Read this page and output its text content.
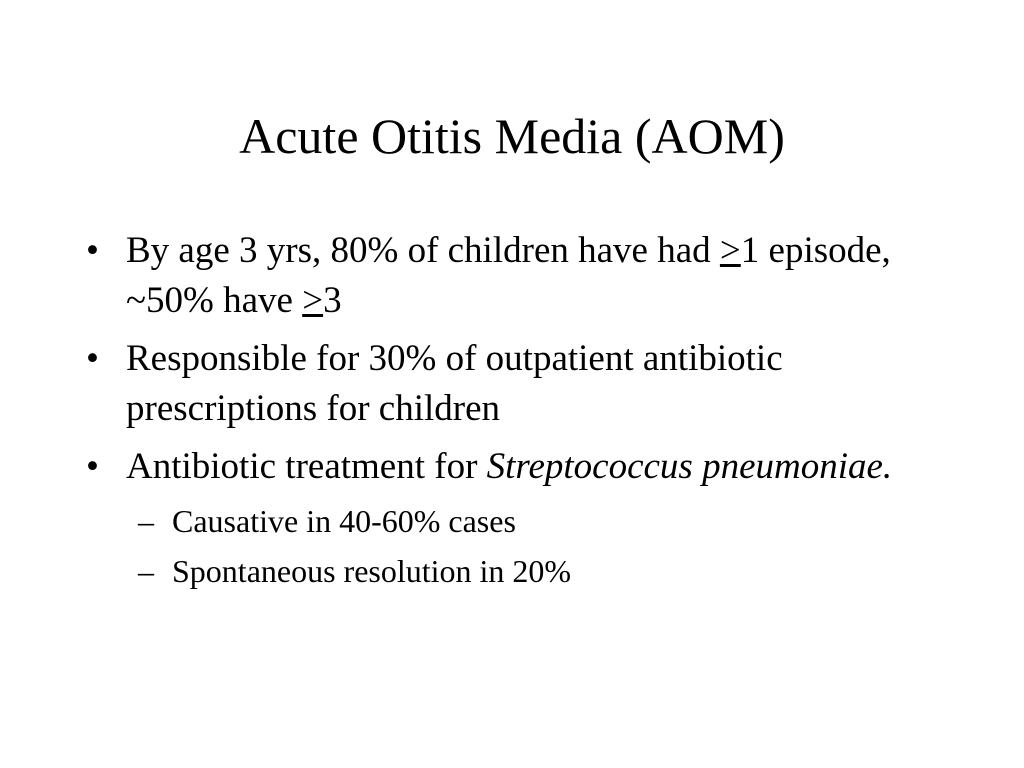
Acute Otitis Media (AOM)
• By age 3 yrs, 80% of children have had ≥1 episode, ~50% have ≥3
• Responsible for 30% of outpatient antibiotic prescriptions for children
• Antibiotic treatment for Streptococcus pneumoniae.
– Causative in 40-60% cases
– Spontaneous resolution in 20%
